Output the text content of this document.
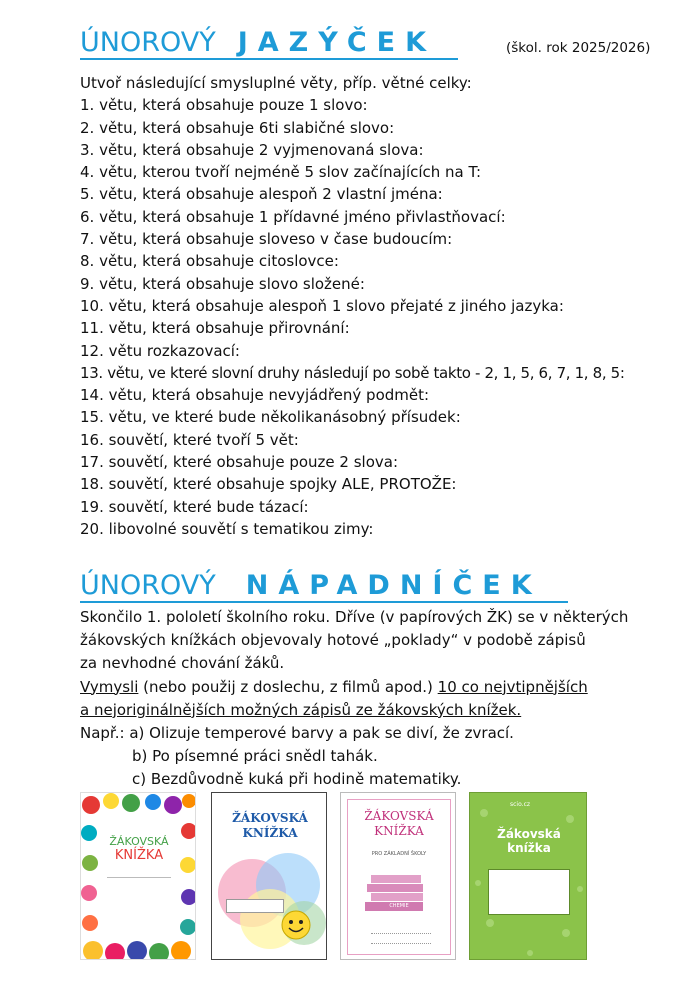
ÚNOROVÝ JAZÝČEK	(škol. rok 2025/2026)
Utvoř následující smysluplné věty, příp. větné celky:
1. větu, která obsahuje pouze 1 slovo:
2. větu, která obsahuje 6ti slabičné slovo:
3. větu, která obsahuje 2 vyjmenovaná slova:
4. větu, kterou tvoří nejméně 5 slov začínajících na T:
5. větu, která obsahuje alespoň 2 vlastní jména:
6. větu, která obsahuje 1 přídavné jméno přivlastňovací:
7. větu, která obsahuje sloveso v čase budoucím:
8. větu, která obsahuje citoslovce:
9. větu, která obsahuje slovo složené:
10. větu, která obsahuje alespoň 1 slovo přejaté z jiného jazyka:
11. větu, která obsahuje přirovnání:
12. větu rozkazovací:
13. větu, ve které slovní druhy následují po sobě takto - 2, 1, 5, 6, 7, 1, 8, 5:
14. větu, která obsahuje nevyjádřený podmět:
15. větu, ve které bude několikanásobný přísudek:
16. souvětí, které tvoří 5 vět:
17. souvětí, které obsahuje pouze 2 slova:
18. souvětí, které obsahuje spojky ALE, PROTOŽE:
19. souvětí, které bude tázací:
20. libovolné souvětí s tematikou zimy:
ÚNOROVÝ NÁPADNÍČEK
Skončilo 1. pololetí školního roku. Dříve (v papírových ŽK) se v některých
žákovských knížkách objevovaly hotové „poklady“ v podobě zápisů
za nevhodné chování žáků.
Vymysli (nebo použij z doslechu, z filmů apod.) 10 co nejvtipnějších
a nejoriginálnějších možných zápisů ze žákovských knížek.
Např.: a) Olizuje temperové barvy a pak se diví, že zvrací.
b) Po písemné práci snědl tahák.
c) Bezdůvodně kuká při hodině matematiky.
ŽÁKOVSKÁ
KNÍŽKA
ŽÁKOVSKÁ
KNÍŽKA
ŽÁKOVSKÁ
KNÍŽKA
PRO ZÁKLADNÍ ŠKOLY
CHEMIE
scio.cz
Žákovská
knížka
